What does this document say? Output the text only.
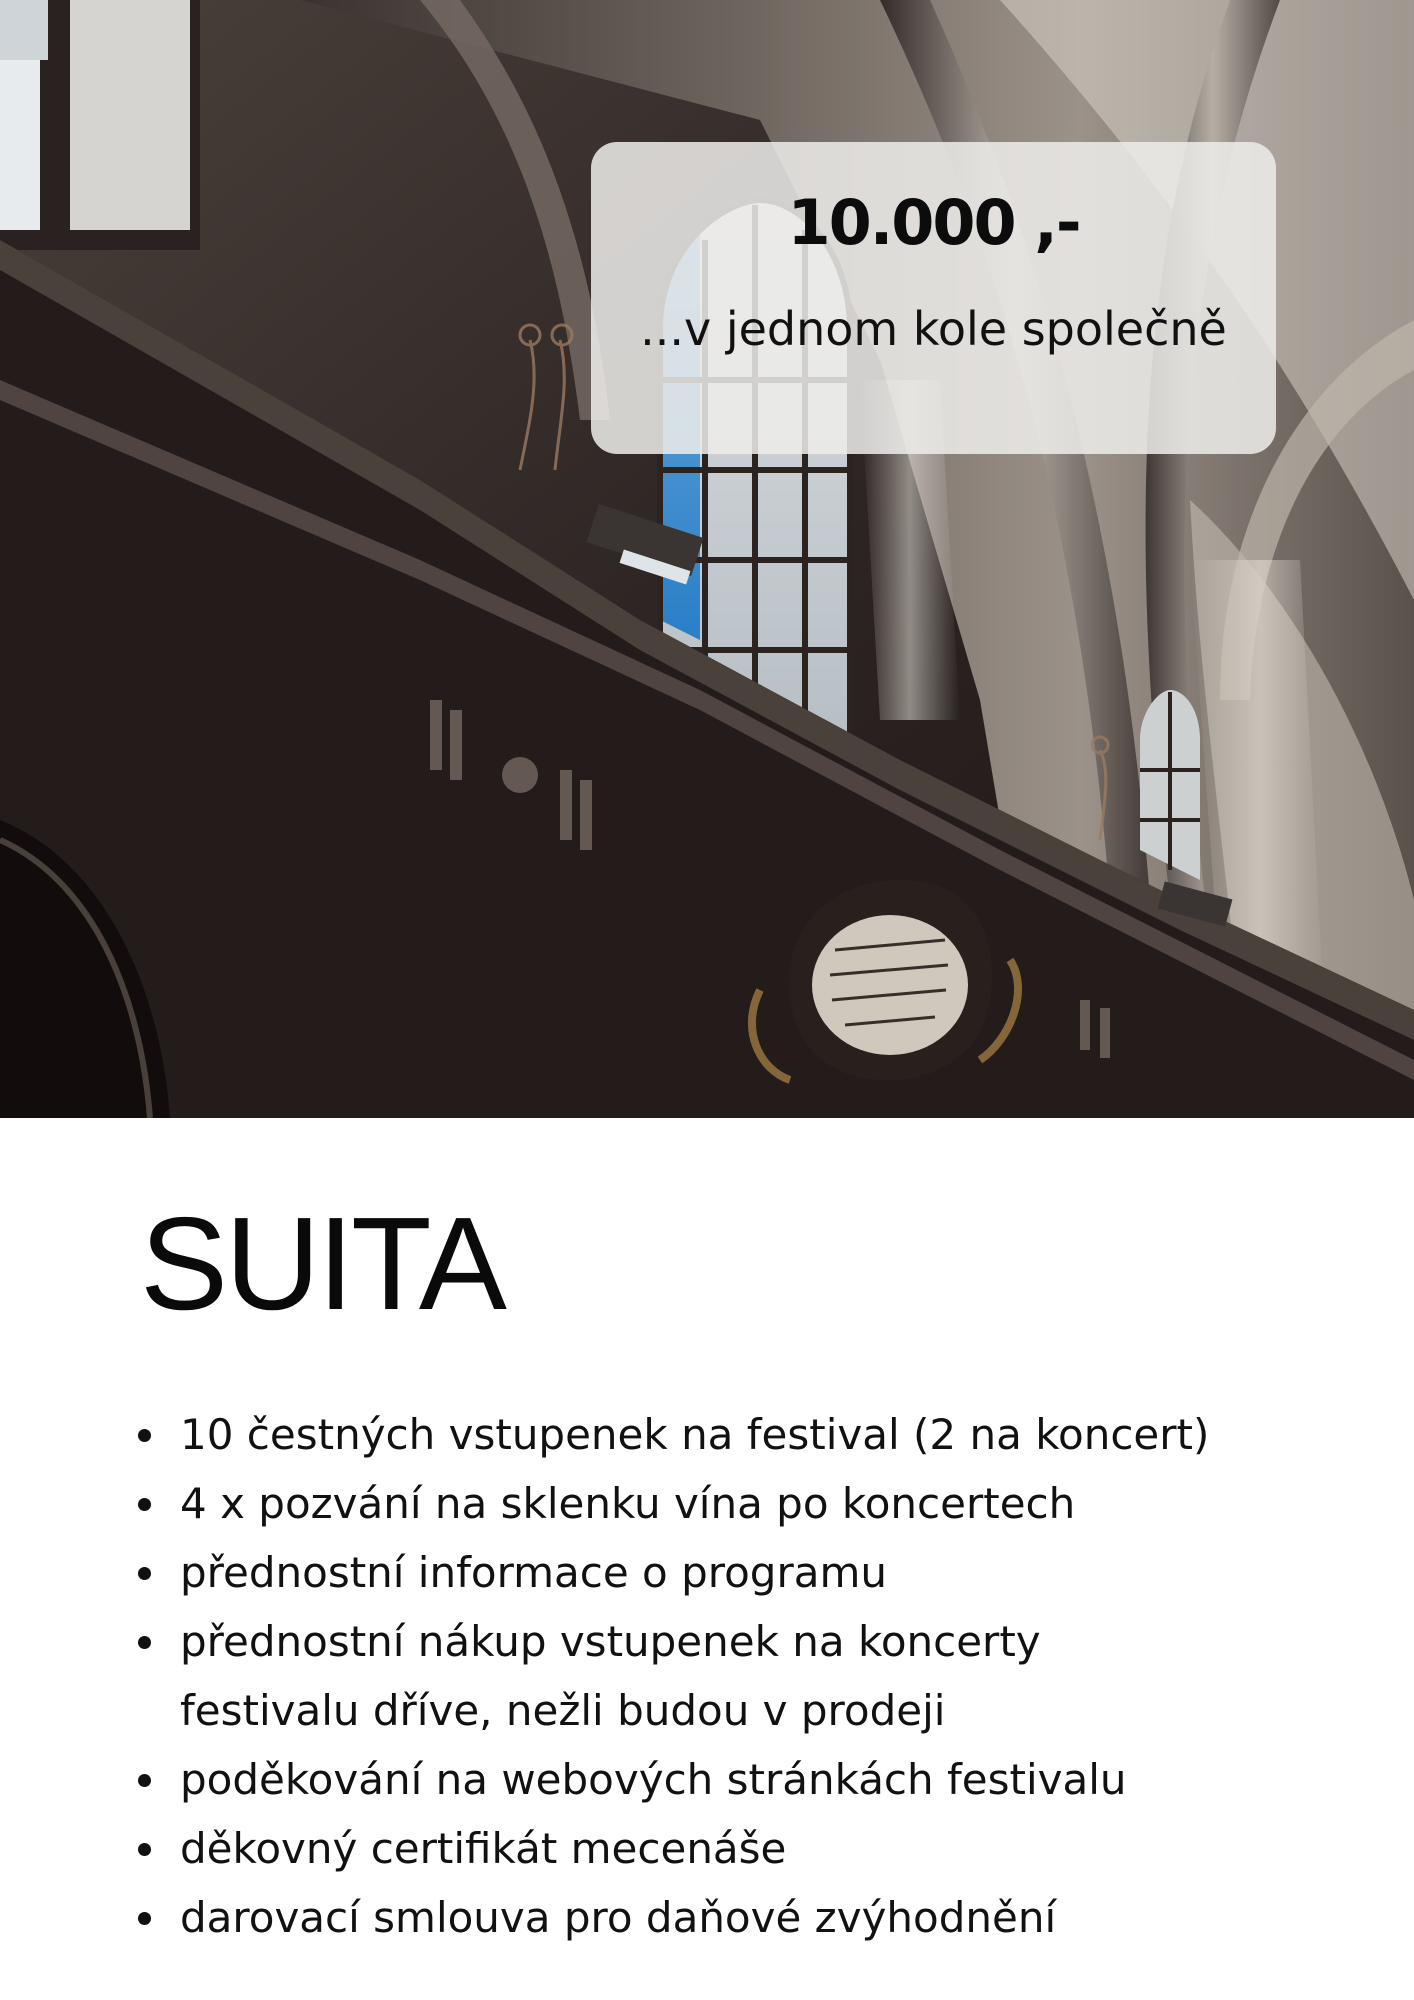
10.000 ,-
...v jednom kole společně
SUITA
10 čestných vstupenek na festival (2 na koncert)
4 x pozvání na sklenku vína po koncertech
přednostní informace o programu
přednostní nákup vstupenek na koncerty
festivalu dříve, nežli budou v prodeji
poděkování na webových stránkách festivalu
děkovný certifikát mecenáše
darovací smlouva pro daňové zvýhodnění
